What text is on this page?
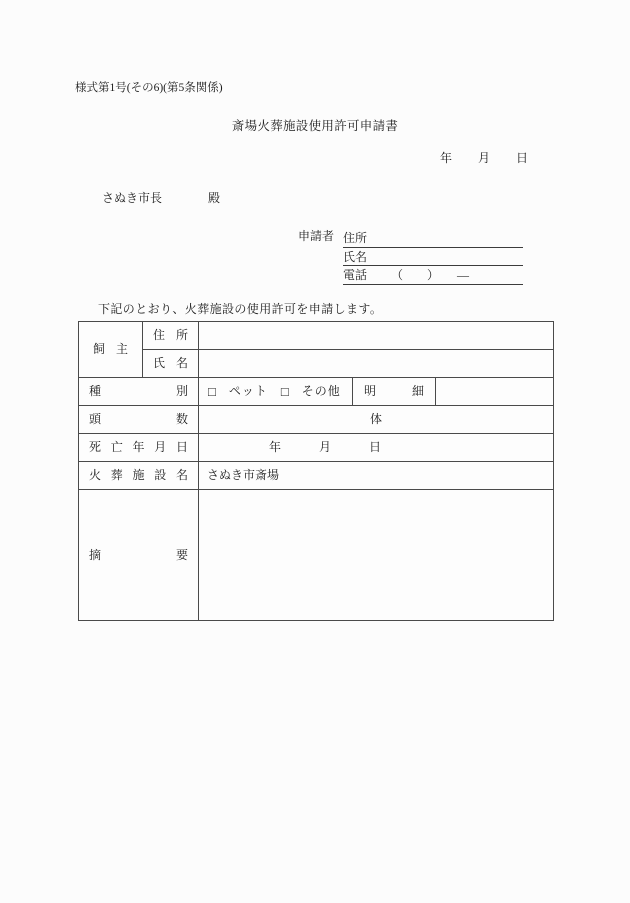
様式第1号(その6)(第5条関係)
斎場火葬施設使用許可申請書
年 月 日
さぬき市長	殿
申請者 住所
氏名
電話 （　　）　　—
下記のとおり、火葬施設の使用許可を申請します。
飼 主	住 所			

	氏 名			

種 別		□ ペット □ その他	明 細	

頭 数		体		

死 亡 年 月 日		年 月 日		

火 葬 施 設 名		さぬき市斎場		

摘 要				
